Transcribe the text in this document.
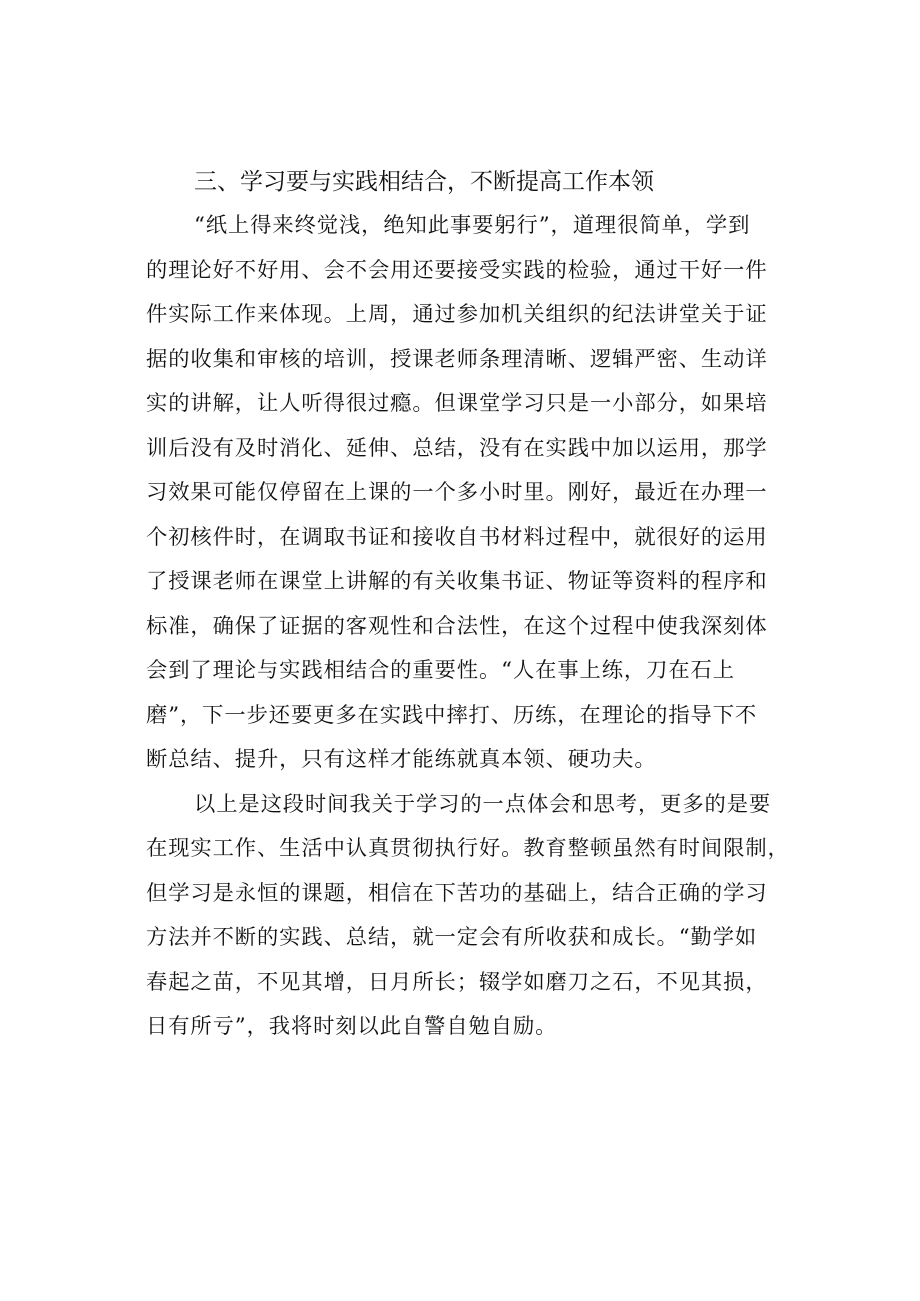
三、学习要与实践相结合，不断提高工作本领
“纸上得来终觉浅，绝知此事要躬行”，道理很简单，学到
的理论好不好用、会不会用还要接受实践的检验，通过干好一件
件实际工作来体现。上周，通过参加机关组织的纪法讲堂关于证
据的收集和审核的培训，授课老师条理清晰、逻辑严密、生动详
实的讲解，让人听得很过瘾。但课堂学习只是一小部分，如果培
训后没有及时消化、延伸、总结，没有在实践中加以运用，那学
习效果可能仅停留在上课的一个多小时里。刚好，最近在办理一
个初核件时，在调取书证和接收自书材料过程中，就很好的运用
了授课老师在课堂上讲解的有关收集书证、物证等资料的程序和
标准，确保了证据的客观性和合法性，在这个过程中使我深刻体
会到了理论与实践相结合的重要性。“人在事上练，刀在石上
磨”，下一步还要更多在实践中摔打、历练，在理论的指导下不
断总结、提升，只有这样才能练就真本领、硬功夫。
以上是这段时间我关于学习的一点体会和思考，更多的是要
在现实工作、生活中认真贯彻执行好。教育整顿虽然有时间限制，
但学习是永恒的课题，相信在下苦功的基础上，结合正确的学习
方法并不断的实践、总结，就一定会有所收获和成长。“勤学如
春起之苗，不见其增，日月所长；辍学如磨刀之石，不见其损，
日有所亏”，我将时刻以此自警自勉自励。
